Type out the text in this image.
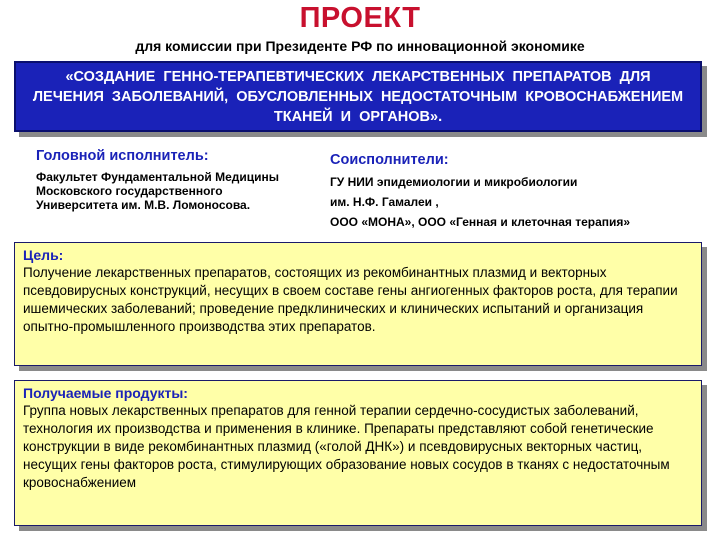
ПРОЕКТ
для комиссии при Президенте РФ по инновационной экономике
«СОЗДАНИЕ ГЕННО-ТЕРАПЕВТИЧЕСКИХ ЛЕКАРСТВЕННЫХ ПРЕПАРАТОВ ДЛЯ ЛЕЧЕНИЯ ЗАБОЛЕВАНИЙ, ОБУСЛОВЛЕННЫХ НЕДОСТАТОЧНЫМ КРОВОСНАБЖЕНИЕМ ТКАНЕЙ И ОРГАНОВ».
Головной исполнитель:
Факультет Фундаментальной Медицины Московского государственного Университета им. М.В. Ломоносова.
Соисполнители:
ГУ НИИ эпидемиологии и микробиологии
им. Н.Ф. Гамалеи ,
ООО «МОНА», ООО «Генная и клеточная терапия»
Цель:
Получение лекарственных препаратов, состоящих из рекомбинантных плазмид и векторных псевдовирусных конструкций, несущих в своем составе гены ангиогенных факторов роста, для терапии ишемических заболеваний; проведение предклинических и клинических испытаний и организация опытно-промышленного производства этих препаратов.
Получаемые продукты:
Группа новых лекарственных препаратов для генной терапии сердечно-сосудистых заболеваний, технология их производства и применения в клинике. Препараты представляют собой генетические конструкции в виде рекомбинантных плазмид («голой ДНК») и псевдовирусных векторных частиц, несущих гены факторов роста, стимулирующих образование новых сосудов в тканях с недостаточным кровоснабжением
